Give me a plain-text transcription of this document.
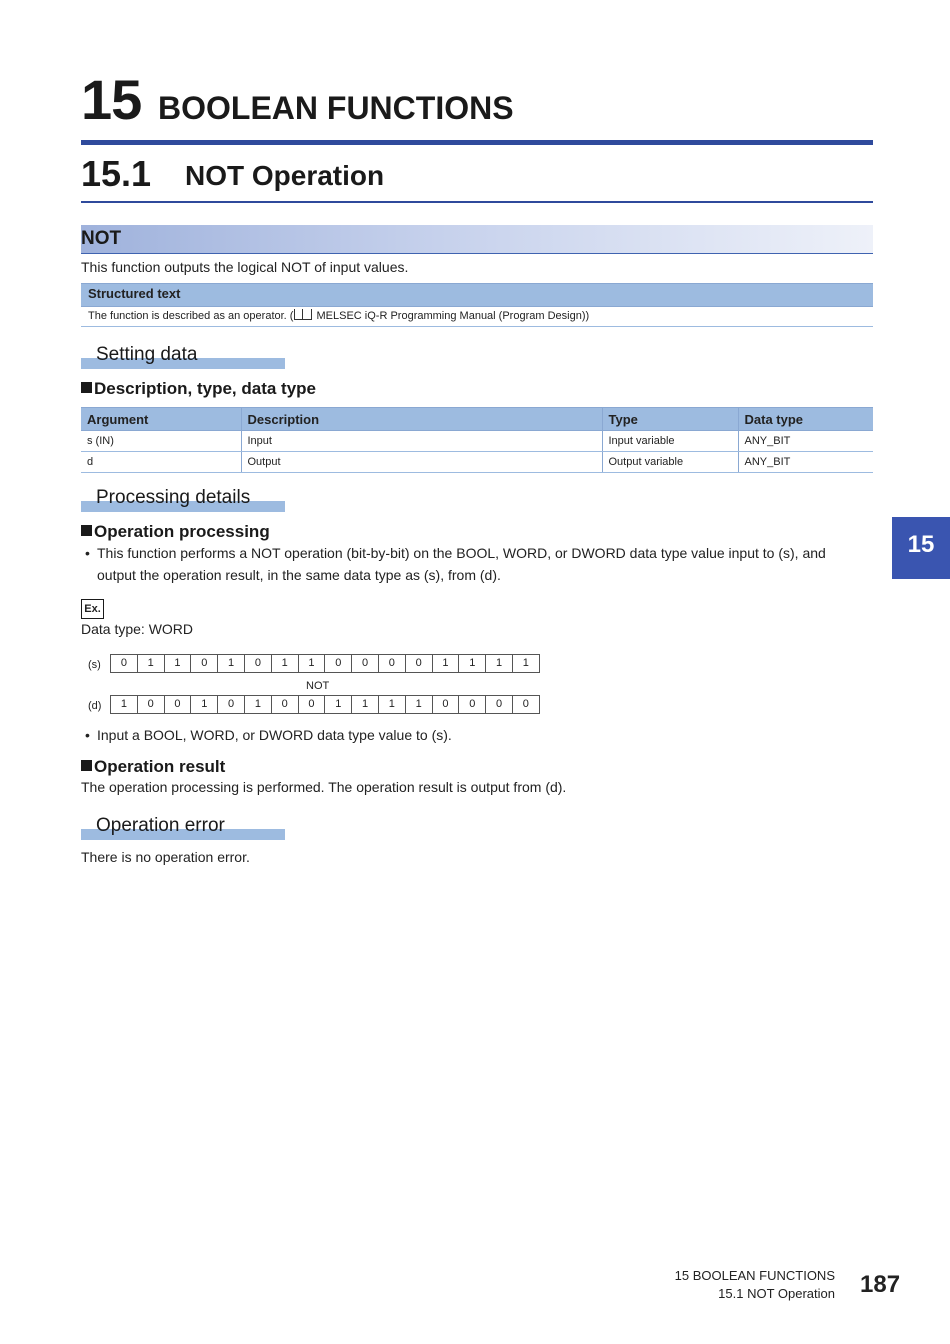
15 BOOLEAN FUNCTIONS
15.1 NOT Operation
NOT
This function outputs the logical NOT of input values.
Structured text
The function is described as an operator. ( MELSEC iQ-R Programming Manual (Program Design))
Setting data
Description, type, data type
Argument	Description	Type	Data type
s (IN)	Input	Input variable	ANY_BIT
d	Output	Output variable	ANY_BIT
Processing details
Operation processing
• This function performs a NOT operation (bit-by-bit) on the BOOL, WORD, or DWORD data type value input to (s), and
output the operation result, in the same data type as (s), from (d).
Ex.
Data type: WORD
(s)	0	1	1	0	1	0	1	1	0	0	0	0	1	1	1	1
NOT
(d)	1	0	0	1	0	1	0	0	1	1	1	1	0	0	0	0
• Input a BOOL, WORD, or DWORD data type value to (s).
Operation result
The operation processing is performed. The operation result is output from (d).
Operation error
There is no operation error.
15
15 BOOLEAN FUNCTIONS
15.1 NOT Operation 187
